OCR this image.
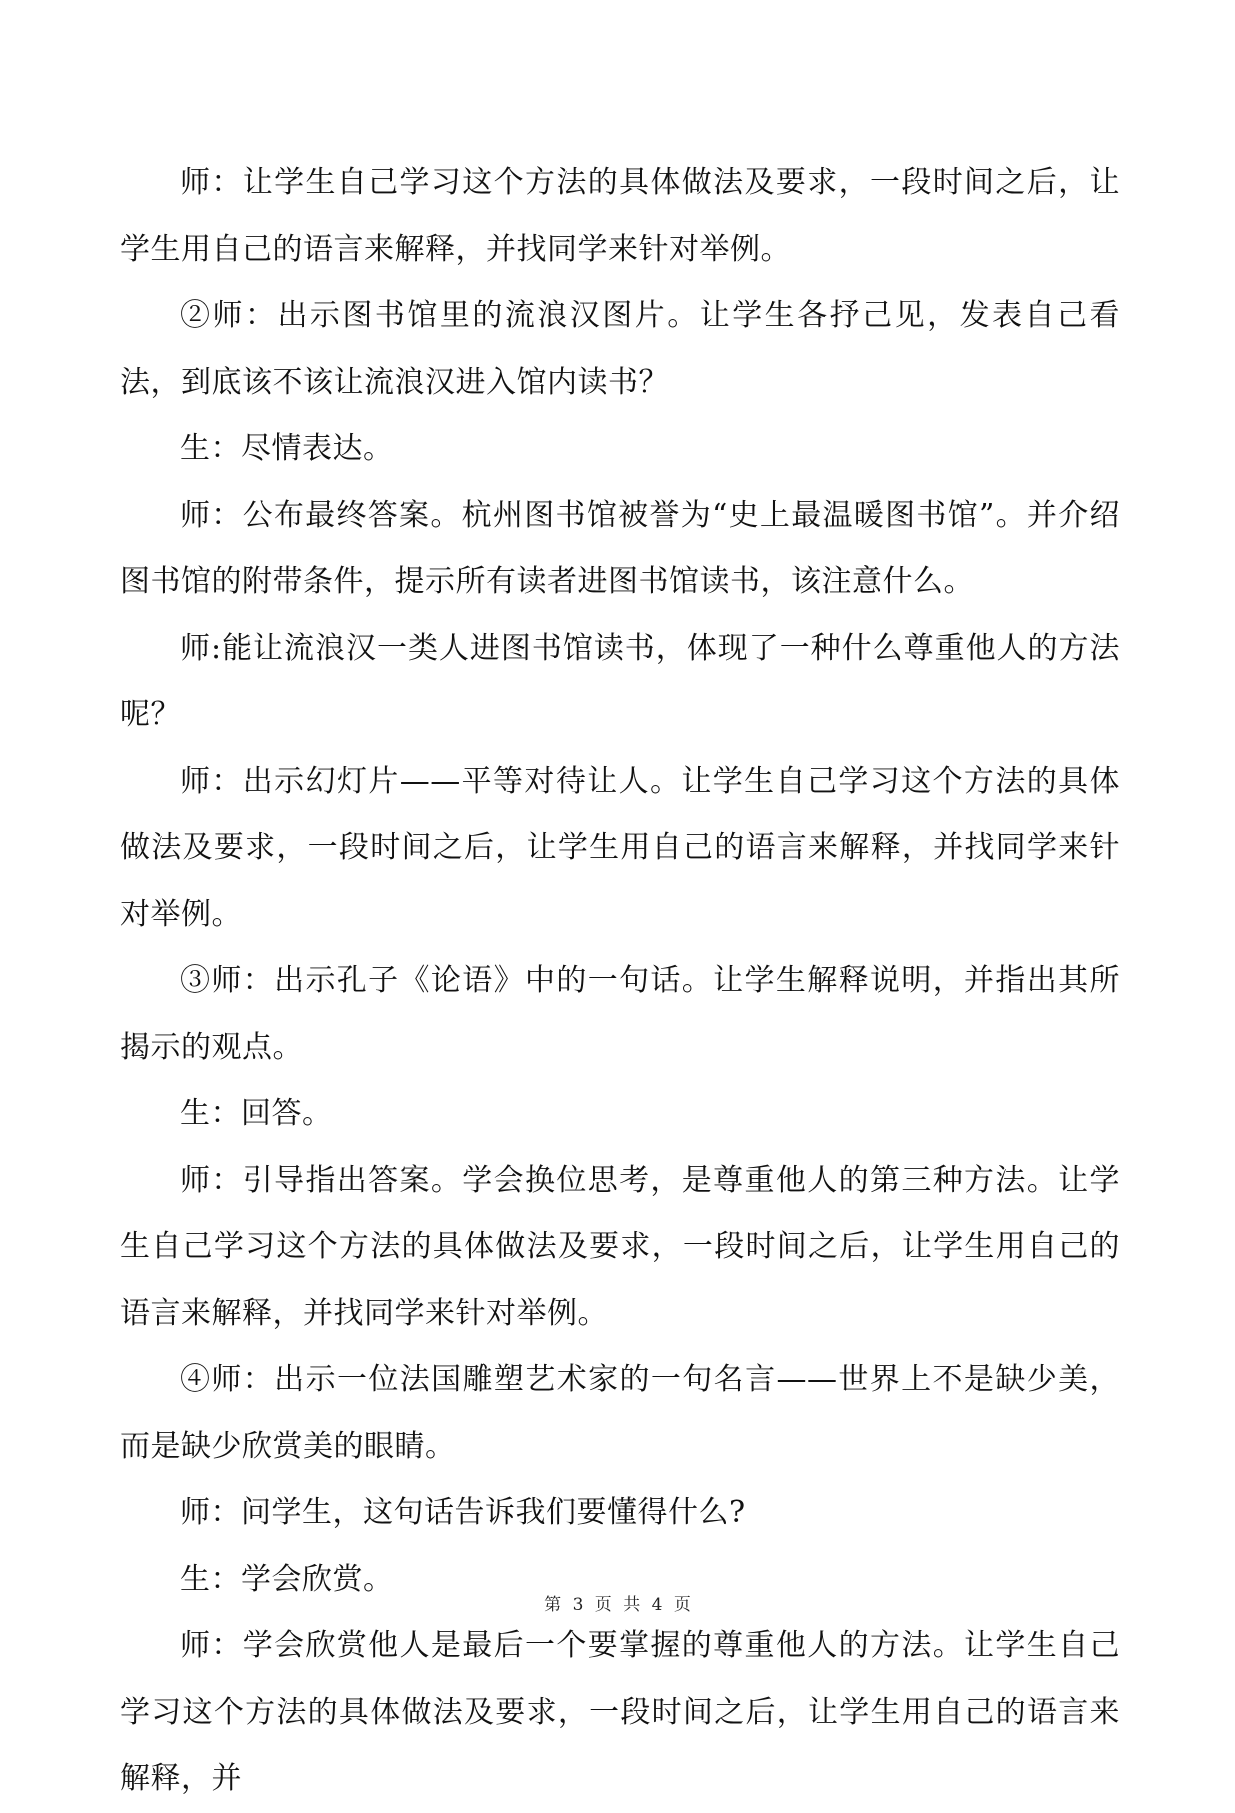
师：让学生自己学习这个方法的具体做法及要求，一段时间之后，让学生用自己的语言来解释，并找同学来针对举例。

②师：出示图书馆里的流浪汉图片。让学生各抒己见，发表自己看法，到底该不该让流浪汉进入馆内读书？

生：尽情表达。

师：公布最终答案。杭州图书馆被誉为“史上最温暖图书馆”。并介绍图书馆的附带条件，提示所有读者进图书馆读书，该注意什么。

师:能让流浪汉一类人进图书馆读书，体现了一种什么尊重他人的方法呢？

师：出示幻灯片——平等对待让人。让学生自己学习这个方法的具体做法及要求，一段时间之后，让学生用自己的语言来解释，并找同学来针对举例。

③师：出示孔子《论语》中的一句话。让学生解释说明，并指出其所揭示的观点。

生：回答。

师：引导指出答案。学会换位思考，是尊重他人的第三种方法。让学生自己学习这个方法的具体做法及要求，一段时间之后，让学生用自己的语言来解释，并找同学来针对举例。

④师：出示一位法国雕塑艺术家的一句名言——世界上不是缺少美，而是缺少欣赏美的眼睛。

师：问学生，这句话告诉我们要懂得什么?

生：学会欣赏。

师：学会欣赏他人是最后一个要掌握的尊重他人的方法。让学生自己学习这个方法的具体做法及要求，一段时间之后，让学生用自己的语言来解释，并

第 3 页 共 4 页
